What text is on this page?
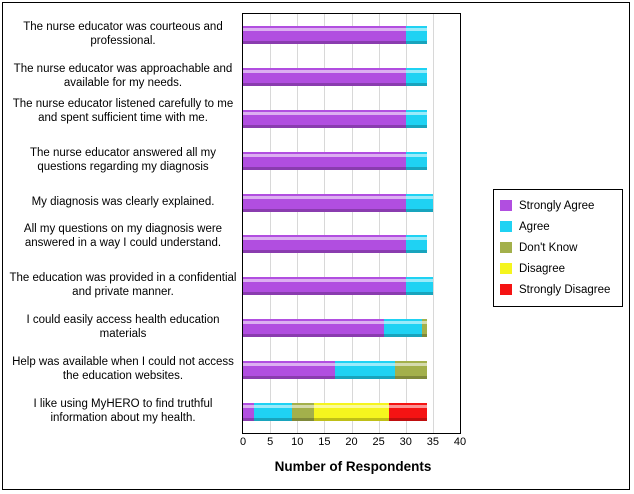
The nurse educator was courteous and professional.
The nurse educator was approachable and available for my needs.
The nurse educator listened carefully to me and spent sufficient time with me.
The nurse educator answered all my questions regarding my diagnosis
My diagnosis was clearly explained.
All my questions on my diagnosis were answered in a way I could understand.
The education was provided in a confidential and private manner.
I could easily access health education materials
Help was available when I could not access the education websites.
I like using MyHERO to find truthful information about my health.
0 5 10 15 20 25 30 35 40
Number of Respondents
Strongly Agree
Agree
Don't Know
Disagree
Strongly Disagree
